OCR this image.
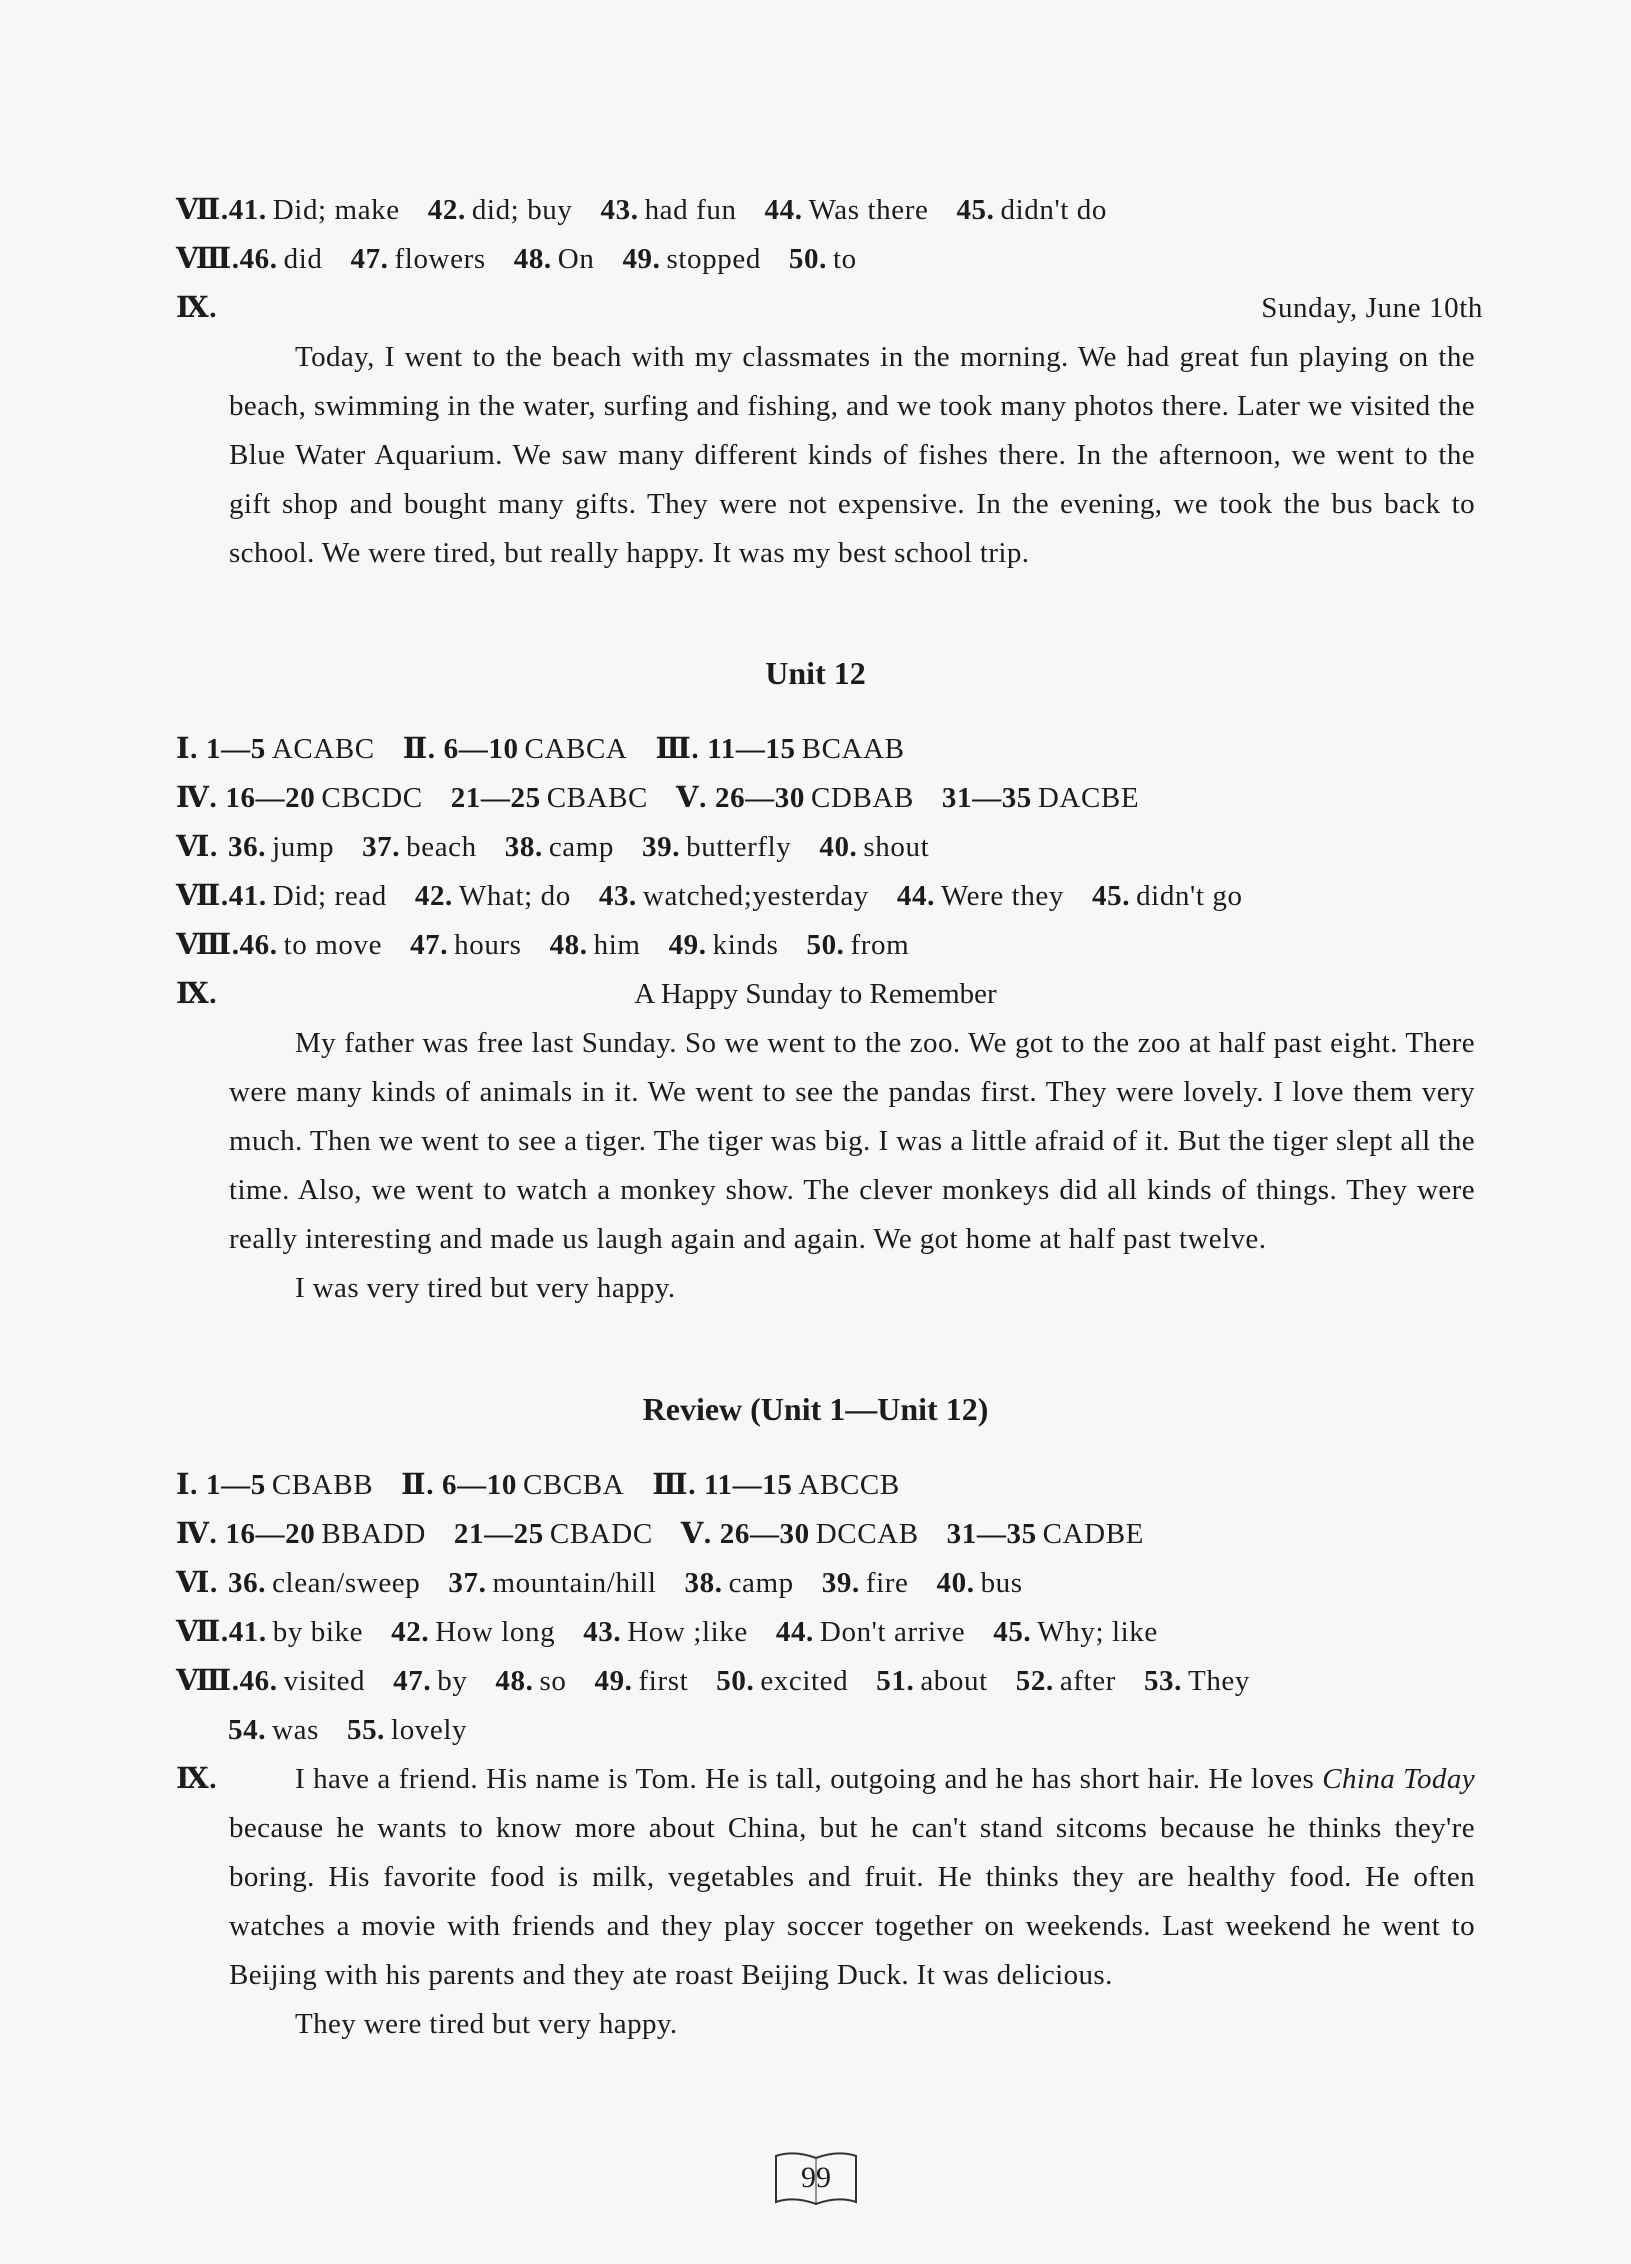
Ⅶ.41. Did; make 42. did; buy 43. had fun 44. Was there 45. didn't do
Ⅷ.46. did 47. flowers 48. On 49. stopped 50. to
Ⅸ.	Sunday, June 10th

Today, I went to the beach with my classmates in the morning. We had great fun playing on the beach, swimming in the water, surfing and fishing, and we took many photos there. Later we visited the Blue Water Aquarium. We saw many different kinds of fishes there. In the afternoon, we went to the gift shop and bought many gifts. They were not expensive. In the evening, we took the bus back to school. We were tired, but really happy. It was my best school trip.

Unit 12
Ⅰ. 1—5 ACABC Ⅱ. 6—10 CABCA Ⅲ. 11—15 BCAAB
Ⅳ. 16—20 CBCDC 21—25 CBABC Ⅴ. 26—30 CDBAB 31—35 DACBE
Ⅵ. 36. jump 37. beach 38. camp 39. butterfly 40. shout
Ⅶ.41. Did; read 42. What; do 43. watched;yesterday 44. Were they 45. didn't go
Ⅷ.46. to move 47. hours 48. him 49. kinds 50. from
Ⅸ.	A Happy Sunday to Remember

My father was free last Sunday. So we went to the zoo. We got to the zoo at half past eight. There were many kinds of animals in it. We went to see the pandas first. They were lovely. I love them very much. Then we went to see a tiger. The tiger was big. I was a little afraid of it. But the tiger slept all the time. Also, we went to watch a monkey show. The clever monkeys did all kinds of things. They were really interesting and made us laugh again and again. We got home at half past twelve.

I was very tired but very happy.

Review (Unit 1—Unit 12)
Ⅰ. 1—5 CBABB Ⅱ. 6—10 CBCBA Ⅲ. 11—15 ABCCB
Ⅳ. 16—20 BBADD 21—25 CBADC Ⅴ. 26—30 DCCAB 31—35 CADBE
Ⅵ. 36. clean/sweep 37. mountain/hill 38. camp 39. fire 40. bus
Ⅶ.41. by bike 42. How long 43. How ;like 44. Don't arrive 45. Why; like
Ⅷ.46. visited 47. by 48. so 49. first 50. excited 51. about 52. after 53. They
54. was 55. lovely
Ⅸ.	I have a friend. His name is Tom. He is tall, outgoing and he has short hair. He loves China Today because he wants to know more about China, but he can't stand sitcoms because he thinks they're boring. His favorite food is milk, vegetables and fruit. He thinks they are healthy food. He often watches a movie with friends and they play soccer together on weekends. Last weekend he went to Beijing with his parents and they ate roast Beijing Duck. It was delicious.

They were tired but very happy.

99
